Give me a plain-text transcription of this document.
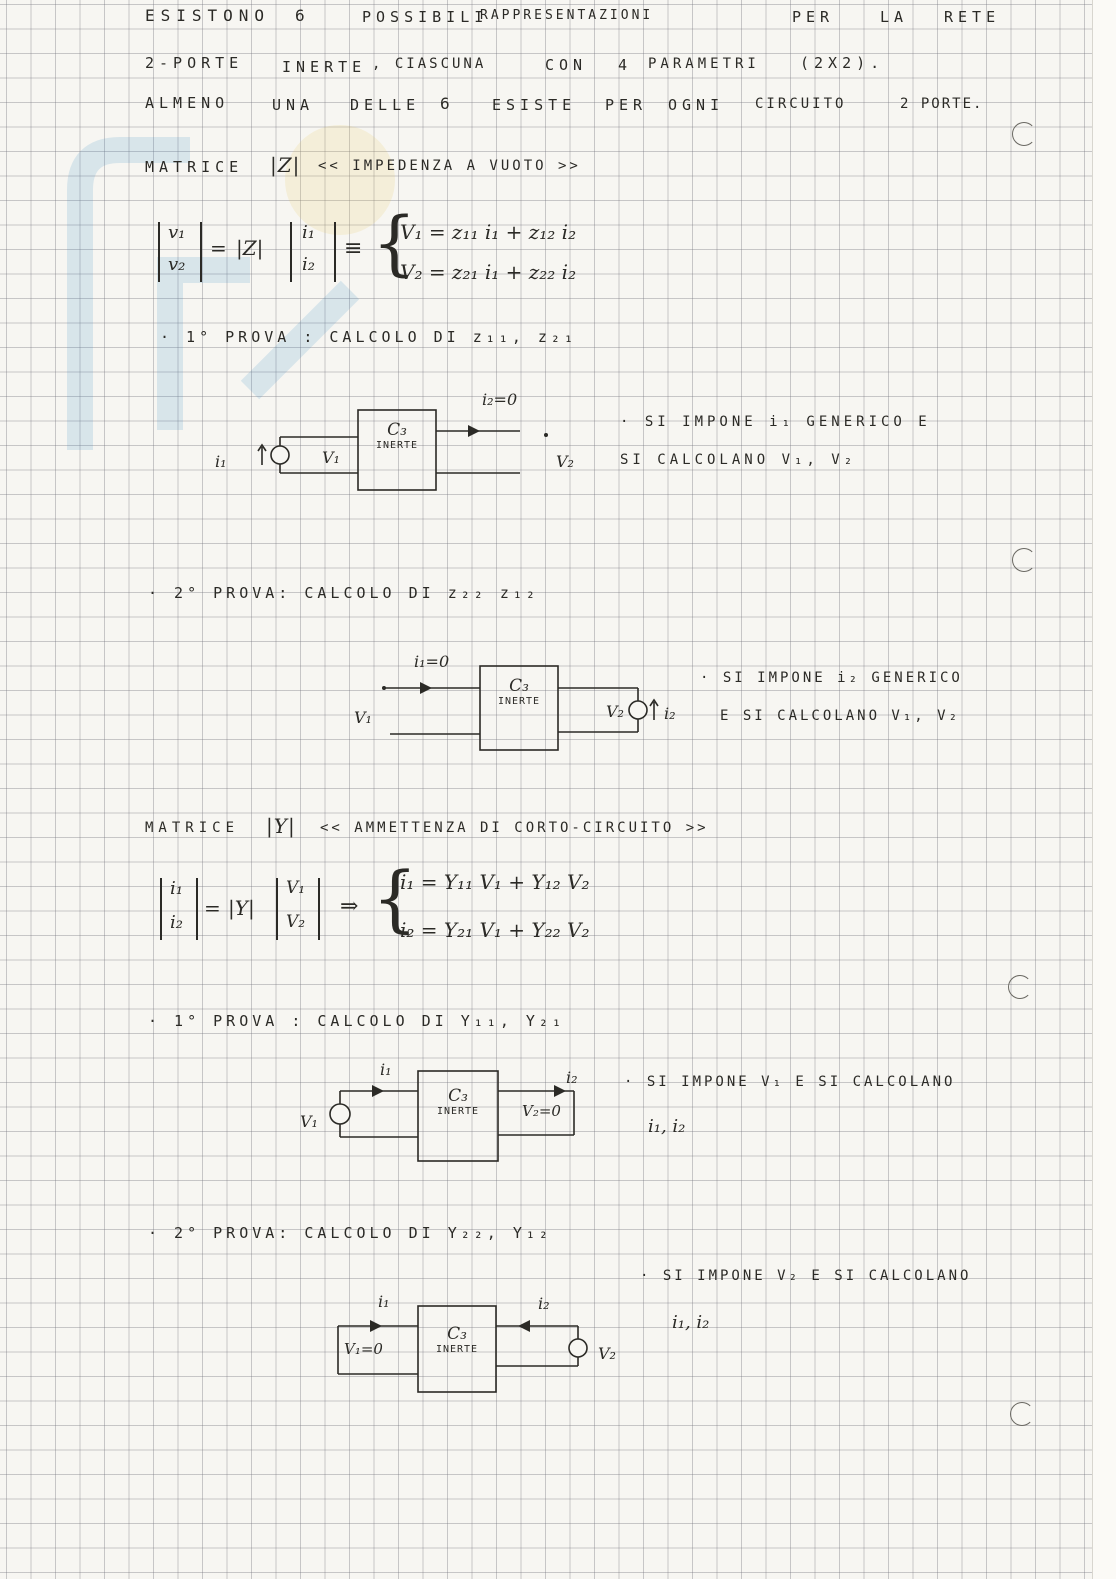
ESISTONO 6	POSSIBILI
RAPPRESENTAZIONI	PER	LA RETE
2-PORTE	INERTE , CIASCUNA	CON 4 PARAMETRI	(2X2).
ALMENO	UNA DELLE 6 ESISTE PER OGNI CIRCUITO	2 PORTE.
MATRICE |Z| << IMPEDENZA A VUOTO >>
v₁
v₂
= |Z|
i₁
i₂
≡ {
V₁ = z₁₁ i₁ + z₁₂ i₂
V₂ = z₂₁ i₁ + z₂₂ i₂
· 1° PROVA : CALCOLO DI z₁₁, z₂₁
i₁	V₁
i₂=0
V₂
C₃
INERTE
· SI IMPONE i₁ GENERICO E
SI CALCOLANO V₁, V₂
· 2° PROVA: CALCOLO DI z₂₂ z₁₂
i₁=0
V₁	V₂	i₂
C₃
INERTE
· SI IMPONE i₂ GENERICO
E SI CALCOLANO V₁, V₂
MATRICE |Y| << AMMETTENZA DI CORTO-CIRCUITO >>
i₁
i₂
= |Y|
V₁
V₂
⇒ {
i₁ = Y₁₁ V₁ + Y₁₂ V₂
i₂ = Y₂₁ V₁ + Y₂₂ V₂
· 1° PROVA : CALCOLO DI Y₁₁, Y₂₁
i₁	i₂
V₁
V₂=0
C₃
INERTE
· SI IMPONE V₁ E SI CALCOLANO
i₁, i₂
· 2° PROVA: CALCOLO DI Y₂₂, Y₁₂
· SI IMPONE V₂ E SI CALCOLANO
i₁, i₂
i₁	i₂
V₁=0	V₂
C₃
INERTE
